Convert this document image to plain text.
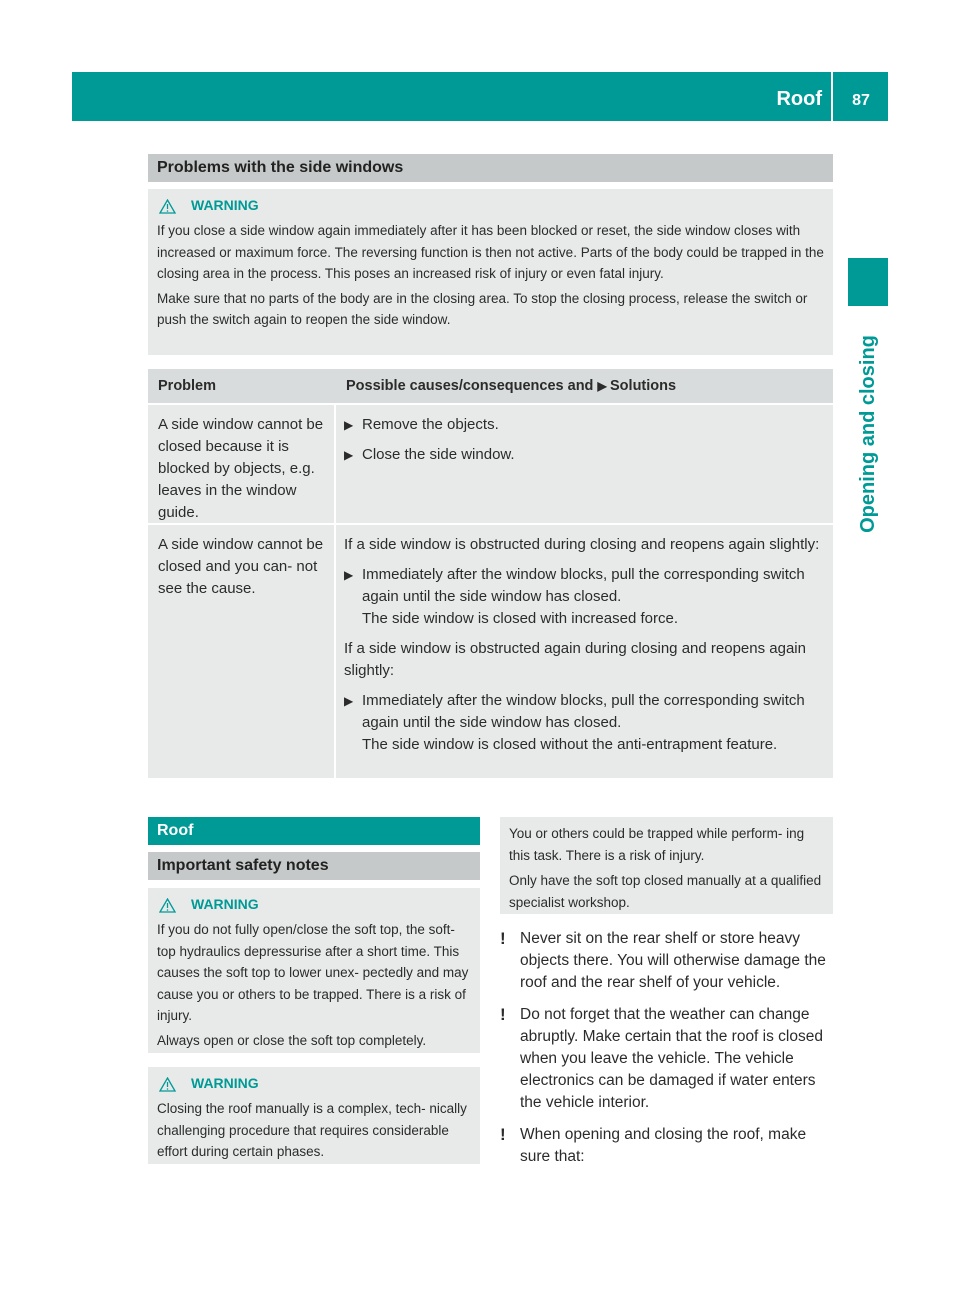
Roof	87
Opening and closing
Problems with the side windows
WARNING

If you close a side window again immediately after it has been blocked or reset, the side window closes with increased or maximum force. The reversing function is then not active. Parts of the body could be trapped in the closing area in the process. This poses an increased risk of injury or even fatal injury.

Make sure that no parts of the body are in the closing area. To stop the closing process, release the switch or push the switch again to reopen the side window.

Problem	Possible causes/consequences and ▶ Solutions
A side window cannot be closed because it is blocked by objects, e.g. leaves in the window guide.
▶ Remove the objects.
▶ Close the side window.
A side window cannot be closed and you can- not see the cause.
If a side window is obstructed during closing and reopens again slightly:
▶ Immediately after the window blocks, pull the corresponding switch again until the side window has closed.
The side window is closed with increased force.
If a side window is obstructed again during closing and reopens again slightly:
▶ Immediately after the window blocks, pull the corresponding switch again until the side window has closed.
The side window is closed without the anti-entrapment feature.
Roof
Important safety notes
WARNING

If you do not fully open/close the soft top, the soft-top hydraulics depressurise after a short time. This causes the soft top to lower unex- pectedly and may cause you or others to be trapped. There is a risk of injury.

Always open or close the soft top completely.

WARNING

Closing the roof manually is a complex, tech- nically challenging procedure that requires considerable effort during certain phases.

You or others could be trapped while perform- ing this task. There is a risk of injury.

Only have the soft top closed manually at a qualified specialist workshop.

! Never sit on the rear shelf or store heavy objects there. You will otherwise damage the roof and the rear shelf of your vehicle.
! Do not forget that the weather can change abruptly. Make certain that the roof is closed when you leave the vehicle. The vehicle electronics can be damaged if water enters the vehicle interior.
! When opening and closing the roof, make sure that:
